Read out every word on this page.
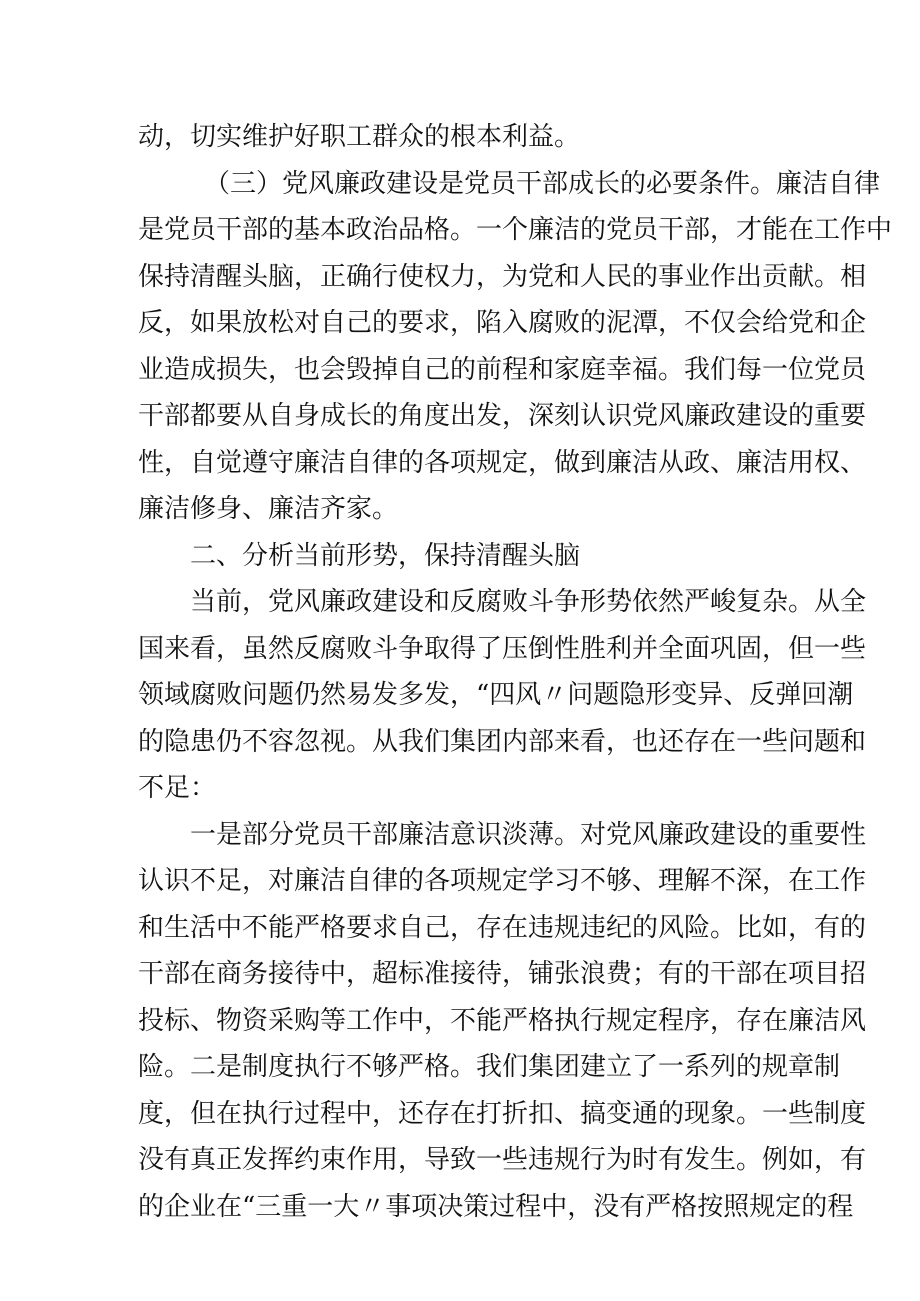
动，切实维护好职工群众的根本利益。
（三）党风廉政建设是党员干部成长的必要条件。廉洁自律
是党员干部的基本政治品格。一个廉洁的党员干部，才能在工作中
保持清醒头脑，正确行使权力，为党和人民的事业作出贡献。相
反，如果放松对自己的要求，陷入腐败的泥潭，不仅会给党和企
业造成损失，也会毁掉自己的前程和家庭幸福。我们每一位党员
干部都要从自身成长的角度出发，深刻认识党风廉政建设的重要
性，自觉遵守廉洁自律的各项规定，做到廉洁从政、廉洁用权、
廉洁修身、廉洁齐家。
二、分析当前形势，保持清醒头脑
当前，党风廉政建设和反腐败斗争形势依然严峻复杂。从全
国来看，虽然反腐败斗争取得了压倒性胜利并全面巩固，但一些
领域腐败问题仍然易发多发，“四风〃问题隐形变异、反弹回潮
的隐患仍不容忽视。从我们集团内部来看，也还存在一些问题和
不足：
一是部分党员干部廉洁意识淡薄。对党风廉政建设的重要性
认识不足，对廉洁自律的各项规定学习不够、理解不深，在工作
和生活中不能严格要求自己，存在违规违纪的风险。比如，有的
干部在商务接待中，超标准接待，铺张浪费；有的干部在项目招
投标、物资采购等工作中，不能严格执行规定程序，存在廉洁风
险。二是制度执行不够严格。我们集团建立了一系列的规章制
度，但在执行过程中，还存在打折扣、搞变通的现象。一些制度
没有真正发挥约束作用，导致一些违规行为时有发生。例如，有
的企业在“三重一大〃事项决策过程中，没有严格按照规定的程
